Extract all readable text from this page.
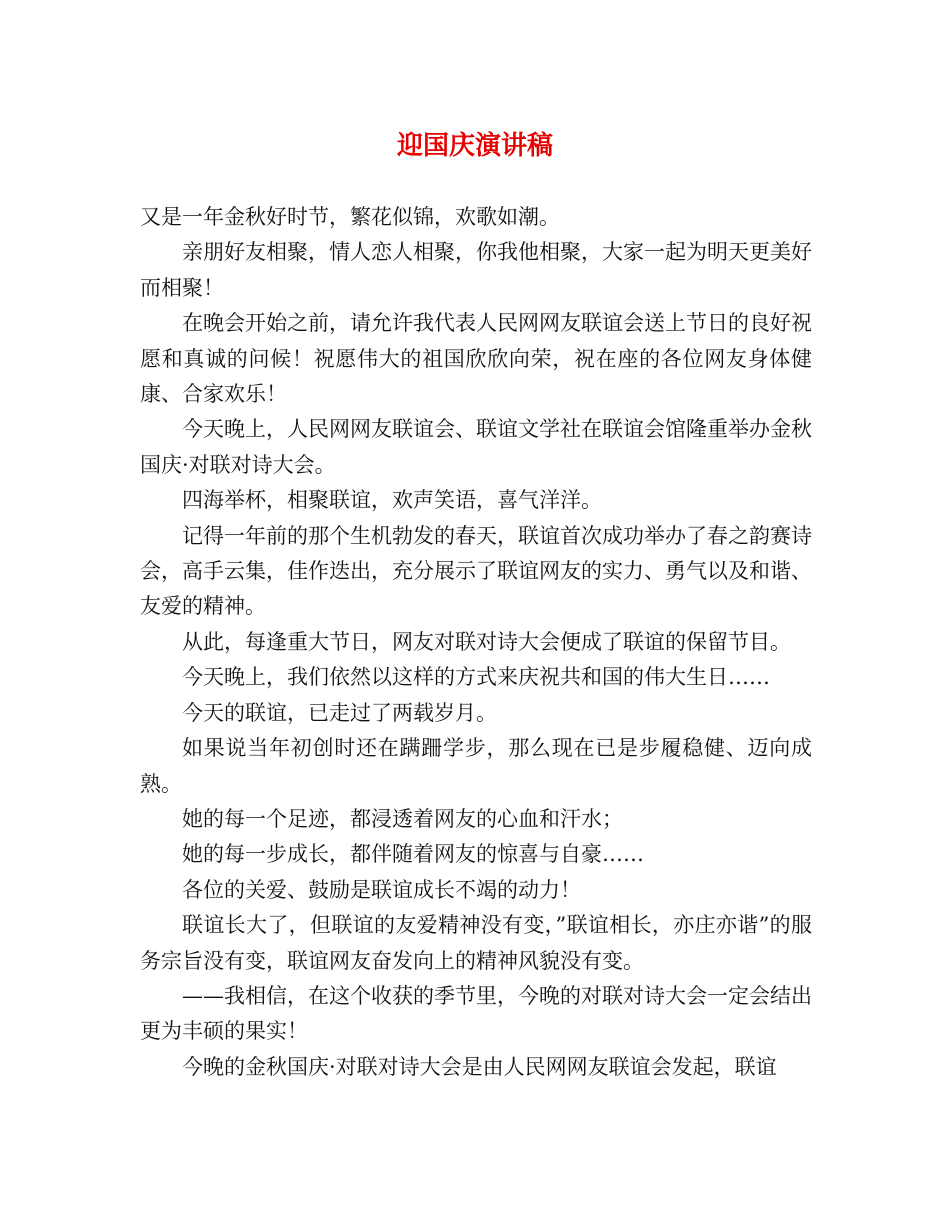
迎国庆演讲稿

又是一年金秋好时节，繁花似锦，欢歌如潮。

亲朋好友相聚，情人恋人相聚，你我他相聚，大家一起为明天更美好而相聚！

在晚会开始之前，请允许我代表人民网网友联谊会送上节日的良好祝愿和真诚的问候！祝愿伟大的祖国欣欣向荣，祝在座的各位网友身体健康、合家欢乐！

今天晚上，人民网网友联谊会、联谊文学社在联谊会馆隆重举办金秋国庆·对联对诗大会。

四海举杯，相聚联谊，欢声笑语，喜气洋洋。

记得一年前的那个生机勃发的春天，联谊首次成功举办了春之韵赛诗会，高手云集，佳作迭出，充分展示了联谊网友的实力、勇气以及和谐、友爱的精神。

从此，每逢重大节日，网友对联对诗大会便成了联谊的保留节目。

今天晚上，我们依然以这样的方式来庆祝共和国的伟大生日……

今天的联谊，已走过了两载岁月。

如果说当年初创时还在蹒跚学步，那么现在已是步履稳健、迈向成熟。

她的每一个足迹，都浸透着网友的心血和汗水；

她的每一步成长，都伴随着网友的惊喜与自豪……

各位的关爱、鼓励是联谊成长不竭的动力！

联谊长大了，但联谊的友爱精神没有变，”联谊相长，亦庄亦谐”的服务宗旨没有变，联谊网友奋发向上的精神风貌没有变。

——我相信，在这个收获的季节里，今晚的对联对诗大会一定会结出更为丰硕的果实！

今晚的金秋国庆·对联对诗大会是由人民网网友联谊会发起，联谊
